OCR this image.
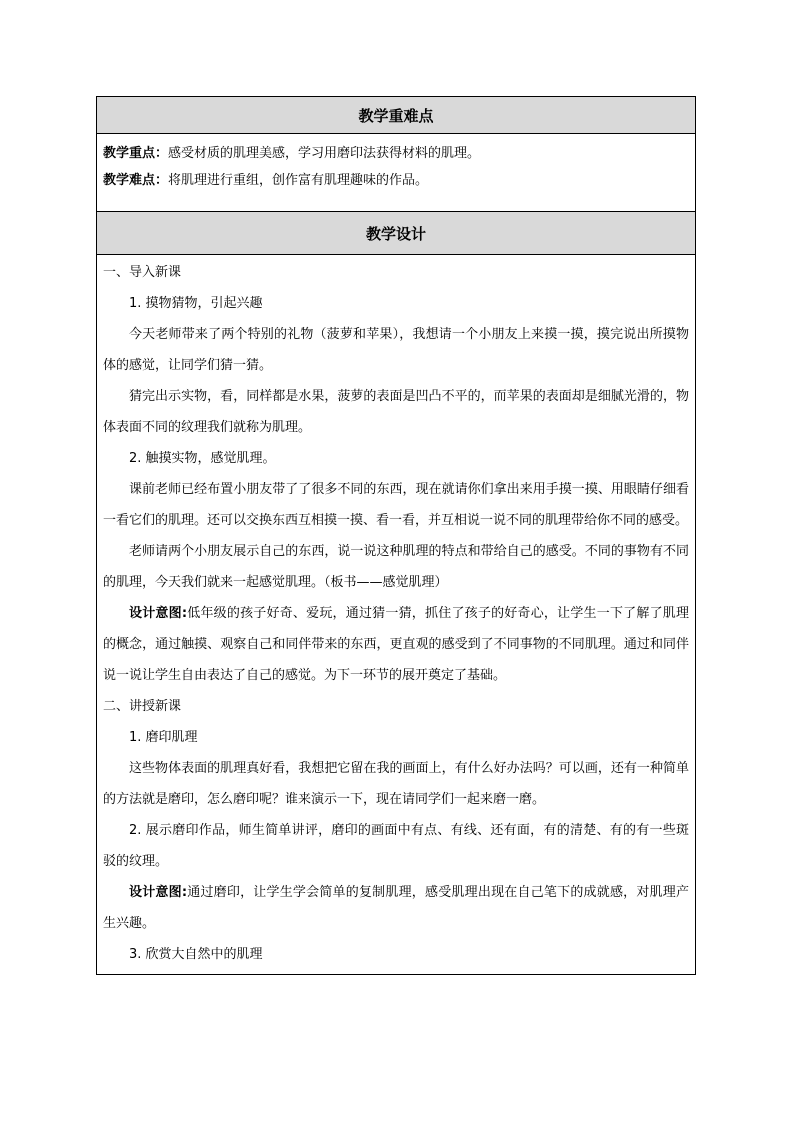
教学重难点
教学重点：感受材质的肌理美感，学习用磨印法获得材料的肌理。
教学难点：将肌理进行重组，创作富有肌理趣味的作品。
教学设计

一、导入新课

1. 摸物猜物，引起兴趣

今天老师带来了两个特别的礼物（菠萝和苹果），我想请一个小朋友上来摸一摸，摸完说出所摸物体的感觉，让同学们猜一猜。

猜完出示实物，看，同样都是水果，菠萝的表面是凹凸不平的，而苹果的表面却是细腻光滑的，物体表面不同的纹理我们就称为肌理。

2. 触摸实物，感觉肌理。

课前老师已经布置小朋友带了了很多不同的东西，现在就请你们拿出来用手摸一摸、用眼睛仔细看一看它们的肌理。还可以交换东西互相摸一摸、看一看，并互相说一说不同的肌理带给你不同的感受。

老师请两个小朋友展示自己的东西，说一说这种肌理的特点和带给自己的感受。不同的事物有不同的肌理，今天我们就来一起感觉肌理。（板书——感觉肌理）

设计意图:低年级的孩子好奇、爱玩，通过猜一猜，抓住了孩子的好奇心，让学生一下了解了肌理的概念，通过触摸、观察自己和同伴带来的东西，更直观的感受到了不同事物的不同肌理。通过和同伴说一说让学生自由表达了自己的感觉。为下一环节的展开奠定了基础。

二、讲授新课

1. 磨印肌理

这些物体表面的肌理真好看，我想把它留在我的画面上，有什么好办法吗？可以画，还有一种简单的方法就是磨印，怎么磨印呢？谁来演示一下，现在请同学们一起来磨一磨。

2. 展示磨印作品，师生简单讲评，磨印的画面中有点、有线、还有面，有的清楚、有的有一些斑驳的纹理。

设计意图:通过磨印，让学生学会简单的复制肌理，感受肌理出现在自己笔下的成就感，对肌理产生兴趣。

3. 欣赏大自然中的肌理
